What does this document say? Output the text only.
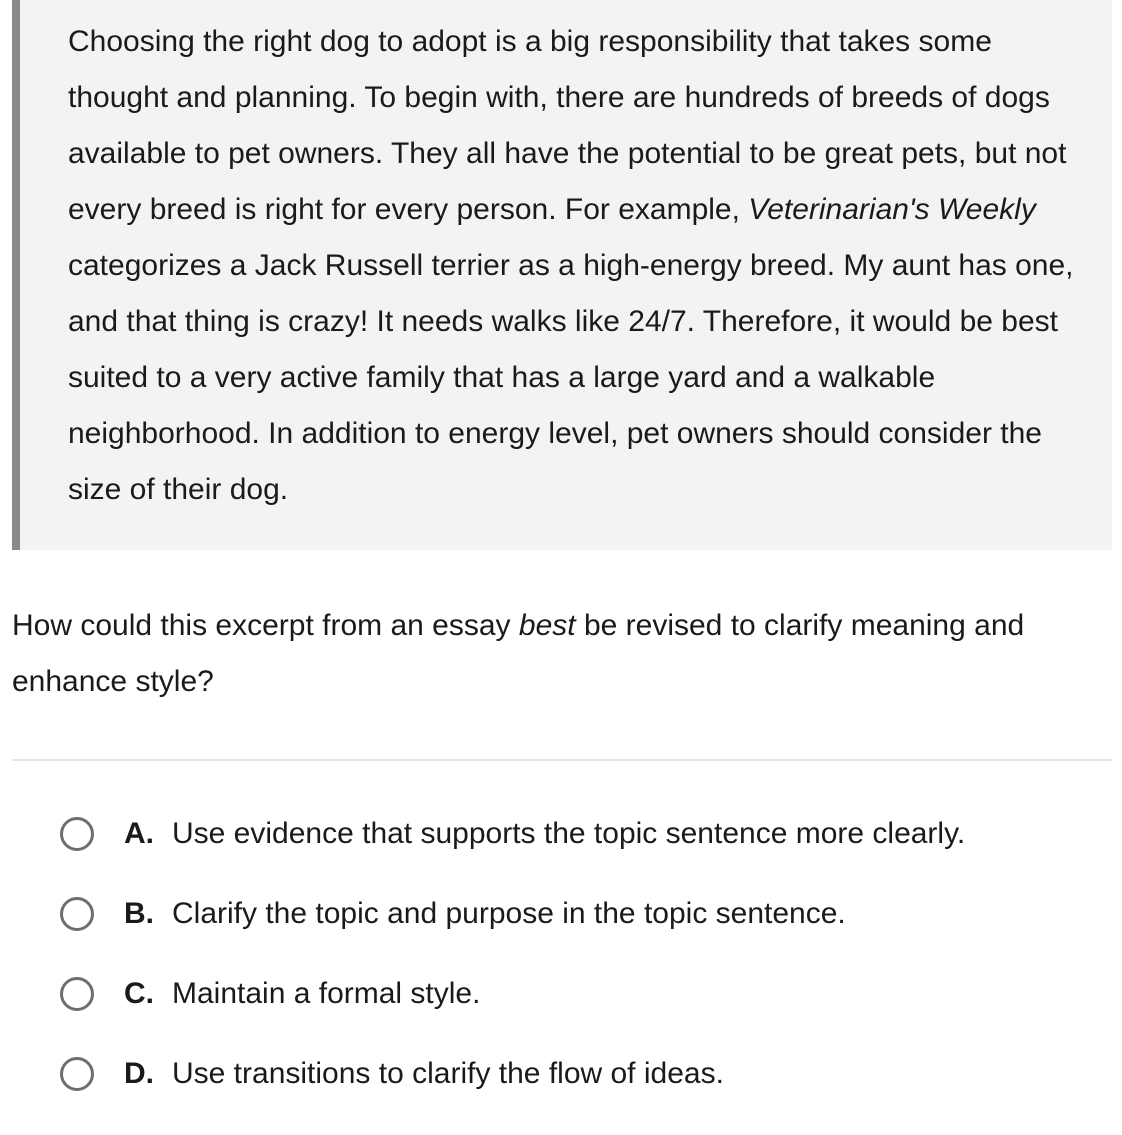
Choosing the right dog to adopt is a big responsibility that takes some thought and planning. To begin with, there are hundreds of breeds of dogs available to pet owners. They all have the potential to be great pets, but not every breed is right for every person. For example, Veterinarian's Weekly categorizes a Jack Russell terrier as a high-energy breed. My aunt has one, and that thing is crazy! It needs walks like 24/7. Therefore, it would be best suited to a very active family that has a large yard and a walkable neighborhood. In addition to energy level, pet owners should consider the size of their dog.

How could this excerpt from an essay best be revised to clarify meaning and enhance style?

A. Use evidence that supports the topic sentence more clearly.
B. Clarify the topic and purpose in the topic sentence.
C. Maintain a formal style.
D. Use transitions to clarify the flow of ideas.
